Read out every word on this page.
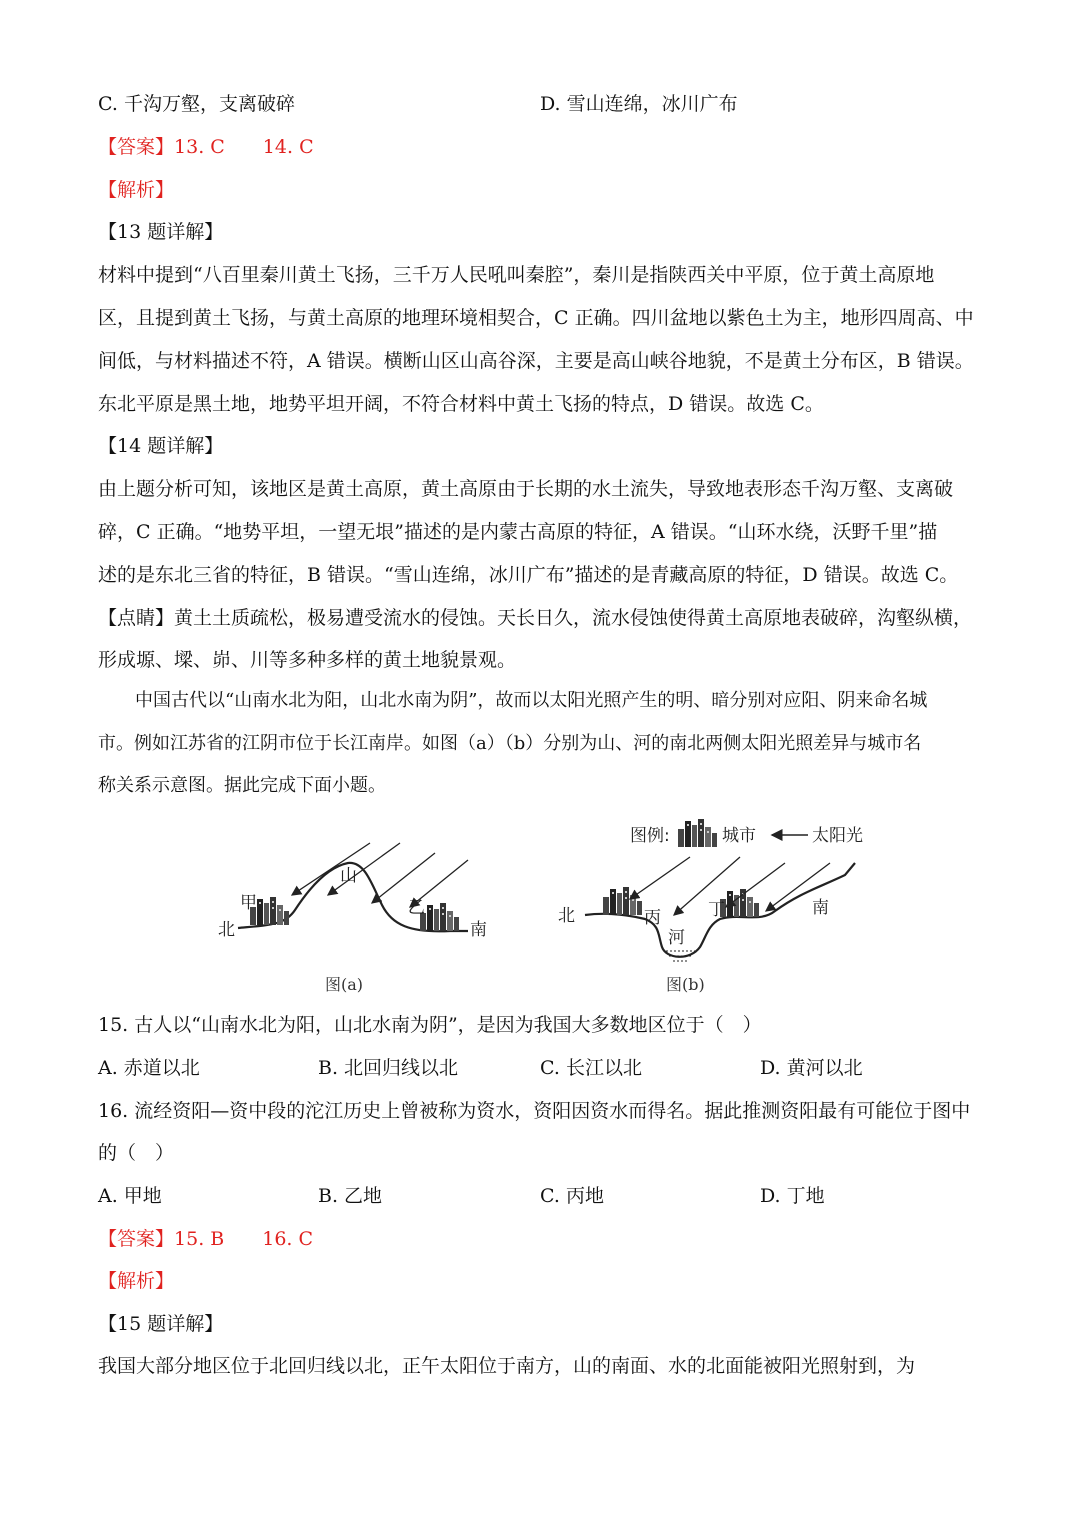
C. 千沟万壑，支离破碎	D. 雪山连绵，冰川广布
【答案】13. C　　14. C
【解析】
【13 题详解】
材料中提到“八百里秦川黄土飞扬，三千万人民吼叫秦腔”，秦川是指陕西关中平原，位于黄土高原地
区，且提到黄土飞扬，与黄土高原的地理环境相契合，C 正确。四川盆地以紫色土为主，地形四周高、中
间低，与材料描述不符，A 错误。横断山区山高谷深，主要是高山峡谷地貌，不是黄土分布区，B 错误。
东北平原是黑土地，地势平坦开阔，不符合材料中黄土飞扬的特点，D 错误。故选 C。
【14 题详解】
由上题分析可知，该地区是黄土高原，黄土高原由于长期的水土流失，导致地表形态千沟万壑、支离破
碎，C 正确。“地势平坦，一望无垠”描述的是内蒙古高原的特征，A 错误。“山环水绕，沃野千里”描
述的是东北三省的特征，B 错误。“雪山连绵，冰川广布”描述的是青藏高原的特征，D 错误。故选 C。
【点睛】黄土土质疏松，极易遭受流水的侵蚀。天长日久，流水侵蚀使得黄土高原地表破碎，沟壑纵横，
形成塬、墚、峁、川等多种多样的黄土地貌景观。
中国古代以“山南水北为阳，山北水南为阴”，故而以太阳光照产生的明、暗分别对应阳、阴来命名城
市。例如江苏省的江阴市位于长江南岸。如图（a）（b）分别为山、河的南北两侧太阳光照差异与城市名
称关系示意图。据此完成下面小题。
图例:	城市	太阳光
山
甲	乙
北	南
图(a)
北	丙
河
丁	南
图(b)
15. 古人以“山南水北为阳，山北水南为阴”，是因为我国大多数地区位于（　）
A. 赤道以北	B. 北回归线以北	C. 长江以北	D. 黄河以北
16. 流经资阳—资中段的沱江历史上曾被称为资水，资阳因资水而得名。据此推测资阳最有可能位于图中
的（　）
A. 甲地	B. 乙地	C. 丙地	D. 丁地
【答案】15. B　　16. C
【解析】
【15 题详解】
我国大部分地区位于北回归线以北，正午太阳位于南方，山的南面、水的北面能被阳光照射到，为
